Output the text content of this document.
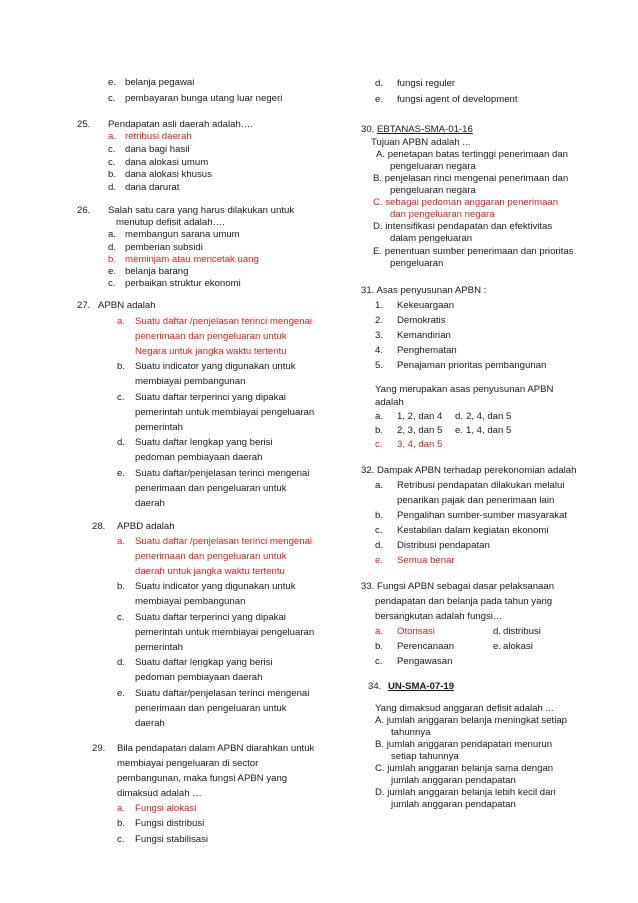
e. belanja pegawai
c. pembayaran bunga utang luar negeri
25. Pendapatan asli daerah adalah….
a. retribusi daerah
c. dana bagi hasil
c. dana alokasi umum
b. dana alokasi khusus
d. dana darurat
26. Salah satu cara yang harus dilakukan untuk
menutup defisit adalah….
a. membangun sarana umum
d. pemberian subsidi
b. meminjam atau mencetak uang
e. belanja barang
c. perbaikan struktur ekonomi
27. APBN adalah
a. Suatu daftar /penjelasan terinci mengenai
penerimaan dan pengeluaran untuk
Negara untuk jangka waktu tertentu
b. Suatu indicator yang digunakan untuk
membiayai pembangunan
c. Suatu daftar terperinci yang dipakai
pemerintah untuk membiayai pengeluaran
pemerintah
d. Suatu daftar lengkap yang berisi
pedoman pembiayaan daerah
e. Suatu daftar/penjelasan terinci mengenai
penerimaan dan pengeluaran untuk
daerah
28. APBD adalah
a. Suatu daftar /penjelasan terinci mengenai
penerimaan dan pengeluaran untuk
daerah untuk jangka waktu tertentu
b. Suatu indicator yang digunakan untuk
membiayai pembangunan
c. Suatu daftar terperinci yang dipakai
pemerintah untuk membiayai pengeluaran
pemerintah
d. Suatu daftar lengkap yang berisi
pedoman pembiayaan daerah
e. Suatu daftar/penjelasan terinci mengenai
penerimaan dan pengeluaran untuk
daerah
29. Bila pendapatan dalam APBN diarahkan untuk
membiayai pengeluaran di sector
pembangunan, maka fungsi APBN yang
dimaksud adalah …
a. Fungsi alokasi
b. Fungsi distribusi
c. Fungsi stabilisasi
d. fungsi reguler
e. fungsi agent of development
30. EBTANAS-SMA-01-16
Tujuan APBN adalah ...
A. penetapan batas tertinggi penerimaan dan
pengeluaran negara
B. penjelasan rinci mengenai penerimaan dan
pengeluaran negara
C. sebagai pedoman anggaran penerimaan
dan pengeluaran negara
D. intensifikasi pendapatan dan efektivitas
dalam pengeluaran
E. penentuan sumber penerimaan dan prioritas
pengeluaran
31. Asas penyusunan APBN :
1. Kekeuargaan
2. Demokratis
3. Kemandirian
4. Penghematan
5. Penajaman prioritas pembangunan
Yang merupakan asas penyusunan APBN
adalah
a. 1, 2, dan 4 d. 2, 4, dan 5
b. 2, 3, dan 5 e. 1, 4, dan 5
c. 3, 4, dan 5
32. Dampak APBN terhadap perekonomian adalah
a. Retribusi pendapatan dilakukan melalui
penarikan pajak dan penerimaan lain
b. Pengalihan sumber-sumber masyarakat
c. Kestabilan dalam kegiatan ekonomi
d. Distribusi pendapatan
e. Semua benar
33. Fungsi APBN sebagai dasar pelaksanaan
pendapatan dan belanja pada tahun yang
bersangkutan adalah fungsi…
a. Otorisasi	d. distribusi
b. Perencanaan	e. alokasi
c. Pengawasan
34. UN-SMA-07-19
Yang dimaksud anggaran defisit adalah ...
A. jumlah anggaran belanja meningkat setiap
tahunnya
B. jumlah anggaran pendapatan menurun
setiap tahunnya
C. jumlah anggaran belanja sama dengan
jumlah anggaran pendapatan
D. jumlah anggaran belanja lebih kecil dari
jumlah anggaran pendapatan
